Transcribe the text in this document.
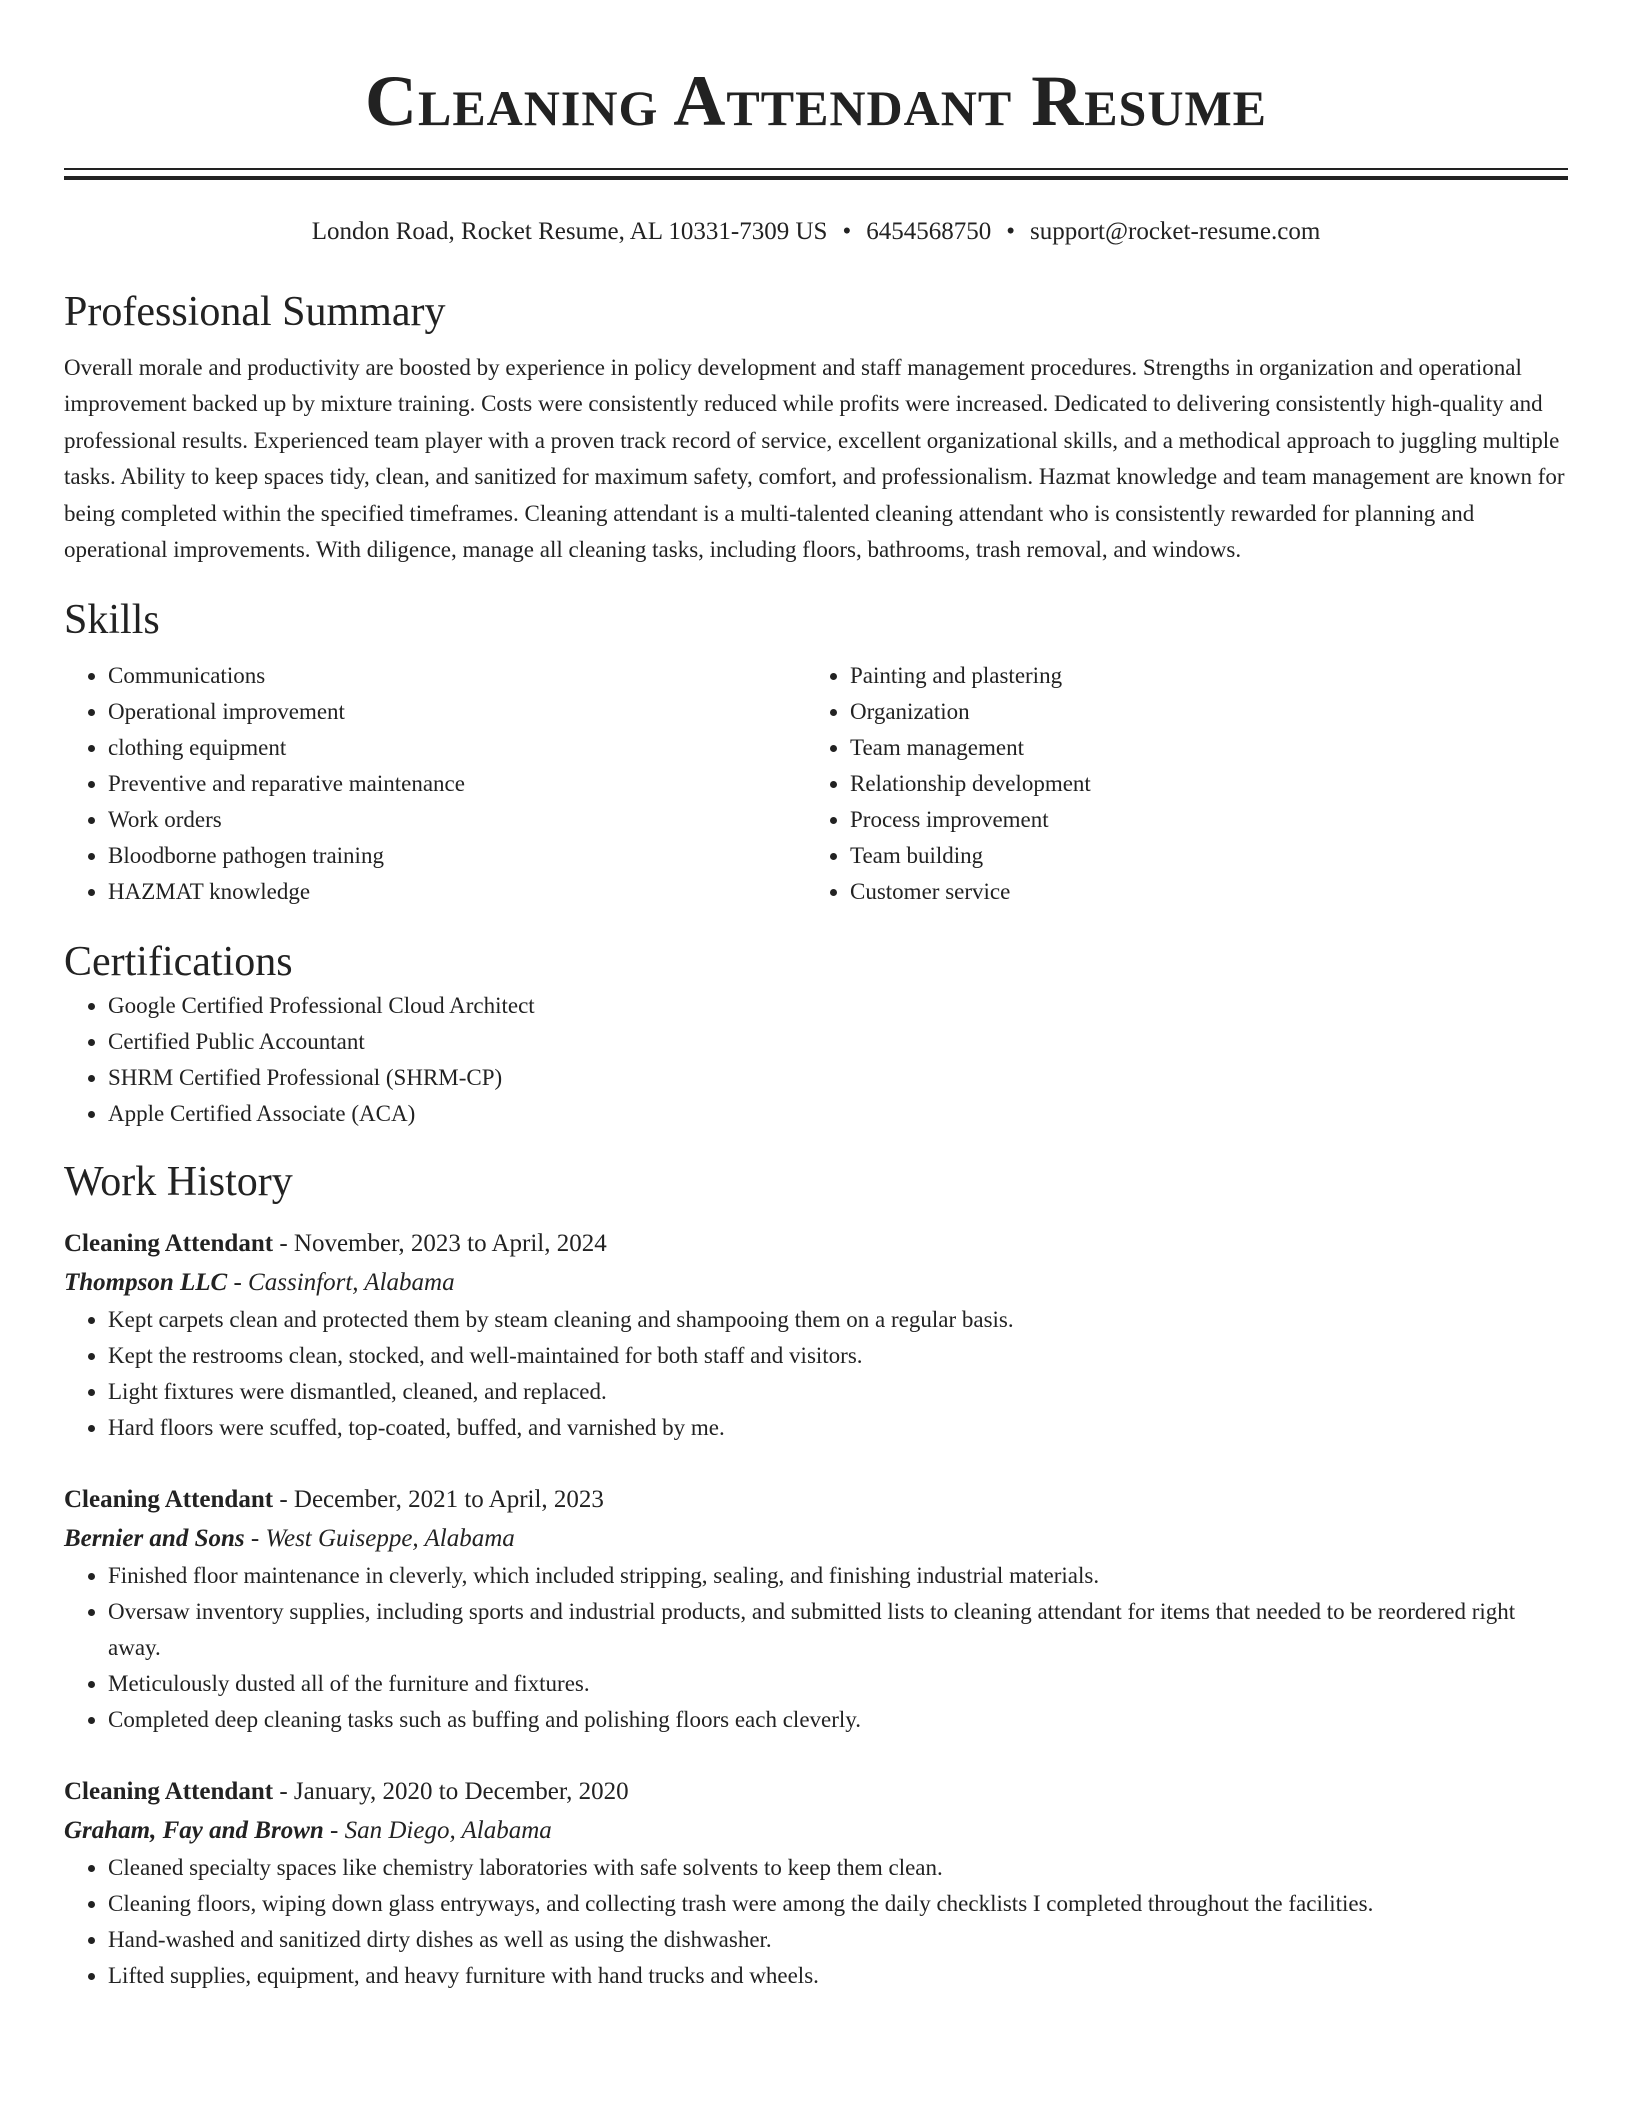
Cleaning Attendant Resume
London Road, Rocket Resume, AL 10331-7309 US • 6454568750 • support@rocket-resume.com
Professional Summary

Overall morale and productivity are boosted by experience in policy development and staff management procedures. Strengths in organization and operational improvement backed up by mixture training. Costs were consistently reduced while profits were increased. Dedicated to delivering consistently high-quality and professional results. Experienced team player with a proven track record of service, excellent organizational skills, and a methodical approach to juggling multiple tasks. Ability to keep spaces tidy, clean, and sanitized for maximum safety, comfort, and professionalism. Hazmat knowledge and team management are known for being completed within the specified timeframes. Cleaning attendant is a multi-talented cleaning attendant who is consistently rewarded for planning and operational improvements. With diligence, manage all cleaning tasks, including floors, bathrooms, trash removal, and windows.

Skills
• Communications
• Operational improvement
• clothing equipment
• Preventive and reparative maintenance
• Work orders
• Bloodborne pathogen training
• HAZMAT knowledge
• Painting and plastering
• Organization
• Team management
• Relationship development
• Process improvement
• Team building
• Customer service
Certifications
• Google Certified Professional Cloud Architect
• Certified Public Accountant
• SHRM Certified Professional (SHRM-CP)
• Apple Certified Associate (ACA)
Work History
Cleaning Attendant - November, 2023 to April, 2024
Thompson LLC - Cassinfort, Alabama
• Kept carpets clean and protected them by steam cleaning and shampooing them on a regular basis.
• Kept the restrooms clean, stocked, and well-maintained for both staff and visitors.
• Light fixtures were dismantled, cleaned, and replaced.
• Hard floors were scuffed, top-coated, buffed, and varnished by me.
Cleaning Attendant - December, 2021 to April, 2023
Bernier and Sons - West Guiseppe, Alabama
• Finished floor maintenance in cleverly, which included stripping, sealing, and finishing industrial materials.
• Oversaw inventory supplies, including sports and industrial products, and submitted lists to cleaning attendant for items that needed to be reordered right away.
• Meticulously dusted all of the furniture and fixtures.
• Completed deep cleaning tasks such as buffing and polishing floors each cleverly.
Cleaning Attendant - January, 2020 to December, 2020
Graham, Fay and Brown - San Diego, Alabama
• Cleaned specialty spaces like chemistry laboratories with safe solvents to keep them clean.
• Cleaning floors, wiping down glass entryways, and collecting trash were among the daily checklists I completed throughout the facilities.
• Hand-washed and sanitized dirty dishes as well as using the dishwasher.
• Lifted supplies, equipment, and heavy furniture with hand trucks and wheels.
